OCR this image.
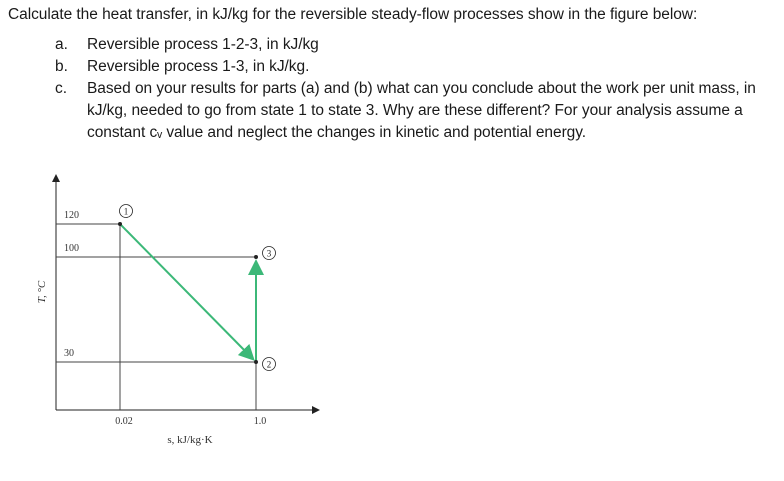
Calculate the heat transfer, in kJ/kg for the reversible steady-flow processes show in the figure below:
a. Reversible process 1-2-3, in kJ/kg
b. Reversible process 1-3, in kJ/kg.
c. Based on your results for parts (a) and (b) what can you conclude about the work per unit mass, in kJ/kg, needed to go from state 1 to state 3. Why are these different? For your analysis assume a constant cᵥ value and neglect the changes in kinetic and potential energy.
120
100
30
0.02	1.0
1
2
3
T, °C
s, kJ/kg·K
